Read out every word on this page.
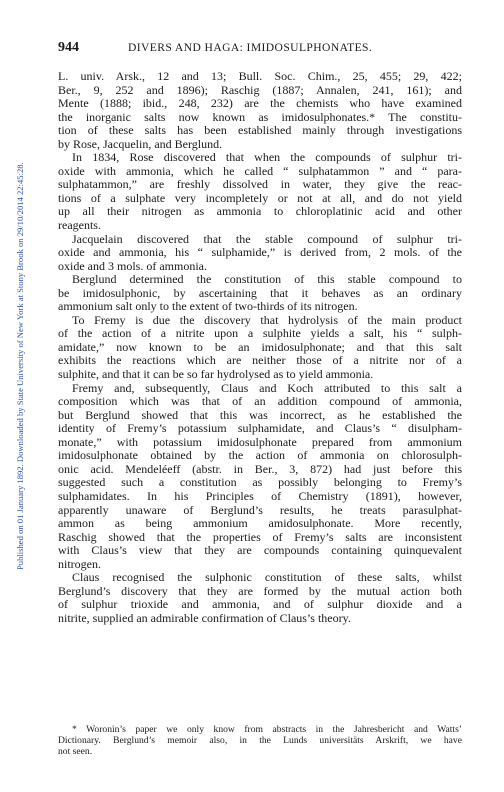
Published on 01 January 1892. Downloaded by State University of New York at Stony Brook on 29/10/2014 22:45:28.
944	DIVERS AND HAGA: IMIDOSULPHONATES.
L. univ. Arsk., 12 and 13; Bull. Soc. Chim., 25, 455; 29, 422;
Ber., 9, 252 and 1896); Raschig (1887; Annalen, 241, 161); and
Mente (1888; ibid., 248, 232) are the chemists who have examined
the inorganic salts now known as imidosulphonates.* The constitu-
tion of these salts has been established mainly through investigations
by Rose, Jacquelin, and Berglund.
In 1834, Rose discovered that when the compounds of sulphur tri-
oxide with ammonia, which he called “ sulphatammon ” and “ para-
sulphatammon,” are freshly dissolved in water, they give the reac-
tions of a sulphate very incompletely or not at all, and do not yield
up all their nitrogen as ammonia to chloroplatinic acid and other
reagents.
Jacquelain discovered that the stable compound of sulphur tri-
oxide and ammonia, his “ sulphamide,” is derived from, 2 mols. of the
oxide and 3 mols. of ammonia.
Berglund determined the constitution of this stable compound to
be imidosulphonic, by ascertaining that it behaves as an ordinary
ammonium salt only to the extent of two-thirds of its nitrogen.
To Fremy is due the discovery that hydrolysis of the main product
of the action of a nitrite upon a sulphite yields a salt, his “ sulph-
amidate,” now known to be an imidosulphonate; and that this salt
exhibits the reactions which are neither those of a nitrite nor of a
sulphite, and that it can be so far hydrolysed as to yield ammonia.
Fremy and, subsequently, Claus and Koch attributed to this salt a
composition which was that of an addition compound of ammonia,
but Berglund showed that this was incorrect, as he established the
identity of Fremy’s potassium sulphamidate, and Claus’s “ disulpham-
monate,” with potassium imidosulphonate prepared from ammonium
imidosulphonate obtained by the action of ammonia on chlorosulph-
onic acid. Mendeléeff (abstr. in Ber., 3, 872) had just before this
suggested such a constitution as possibly belonging to Fremy’s
sulphamidates. In his Principles of Chemistry (1891), however,
apparently unaware of Berglund’s results, he treats parasulphat-
ammon as being ammonium amidosulphonate. More recently,
Raschig showed that the properties of Fremy’s salts are inconsistent
with Claus’s view that they are compounds containing quinquevalent
nitrogen.
Claus recognised the sulphonic constitution of these salts, whilst
Berglund’s discovery that they are formed by the mutual action both
of sulphur trioxide and ammonia, and of sulphur dioxide and a
nitrite, supplied an admirable confirmation of Claus’s theory.
* Woronin’s paper we only know from abstracts in the Jahresbericht and Watts’
Dictionary. Berglund’s memoir also, in the Lunds universitäts Arskrift, we have
not seen.
